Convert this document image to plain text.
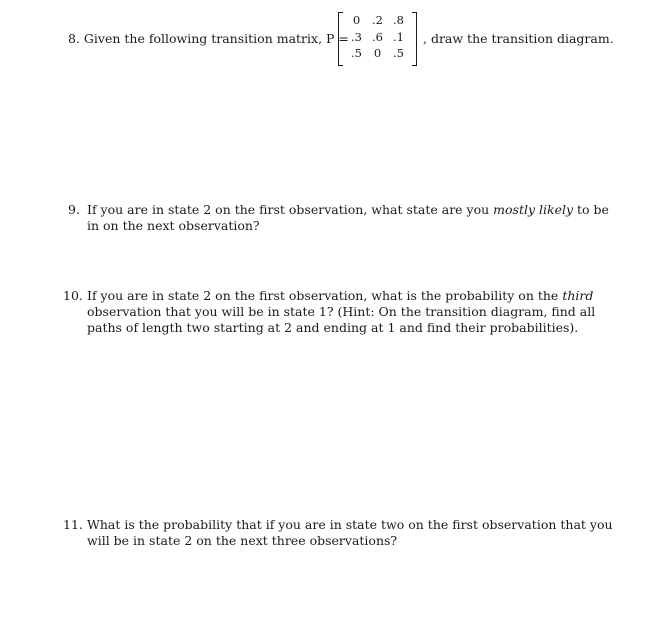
8. Given the following transition matrix, P =
0	.2 .8
.3 .6 .1
.5	0	.5
, draw the transition diagram.
9. If you are in state 2 on the first observation, what state are you mostly likely to be in on the next observation?
10. If you are in state 2 on the first observation, what is the probability on the third observation that you will be in state 1? (Hint: On the transition diagram, find all paths of length two starting at 2 and ending at 1 and find their probabilities).
11. What is the probability that if you are in state two on the first observation that you will be in state 2 on the next three observations?
